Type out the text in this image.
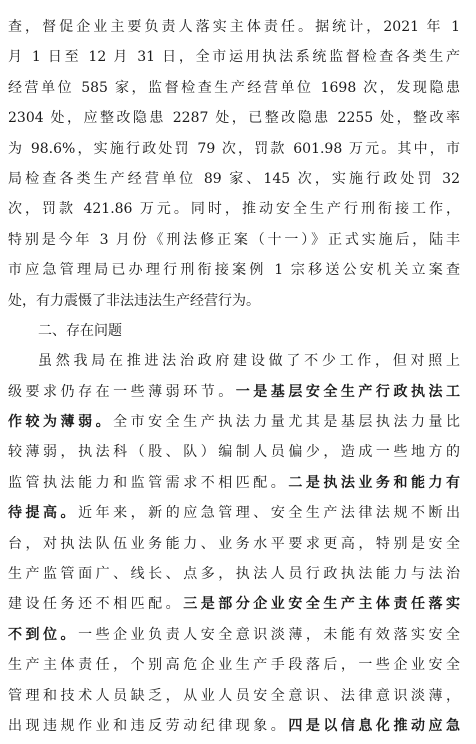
查，督促企业主要负责人落实主体责任。据统计，2021 年 1
月 1 日至 12 月 31 日，全市运用执法系统监督检查各类生产
经营单位 585 家，监督检查生产经营单位 1698 次，发现隐患
2304 处，应整改隐患 2287 处，已整改隐患 2255 处，整改率
为 98.6%，实施行政处罚 79 次，罚款 601.98 万元。其中，市
局检查各类生产经营单位 89 家、145 次，实施行政处罚 32
次，罚款 421.86 万元。同时，推动安全生产行刑衔接工作，
特别是今年 3 月份《刑法修正案（十一）》正式实施后，陆丰
市应急管理局已办理行刑衔接案例 1 宗移送公安机关立案查
处，有力震慑了非法违法生产经营行为。
二、存在问题
虽然我局在推进法治政府建设做了不少工作，但对照上
级要求仍存在一些薄弱环节。一是基层安全生产行政执法工
作较为薄弱。全市安全生产执法力量尤其是基层执法力量比
较薄弱，执法科（股、队）编制人员偏少，造成一些地方的
监管执法能力和监管需求不相匹配。二是执法业务和能力有
待提高。近年来，新的应急管理、安全生产法律法规不断出
台，对执法队伍业务能力、业务水平要求更高，特别是安全
生产监管面广、线长、点多，执法人员行政执法能力与法治
建设任务还不相匹配。三是部分企业安全生产主体责任落实
不到位。一些企业负责人安全意识淡薄，未能有效落实安全
生产主体责任，个别高危企业生产手段落后，一些企业安全
管理和技术人员缺乏，从业人员安全意识、法律意识淡薄，
出现违规作业和违反劳动纪律现象。四是以信息化推动应急
